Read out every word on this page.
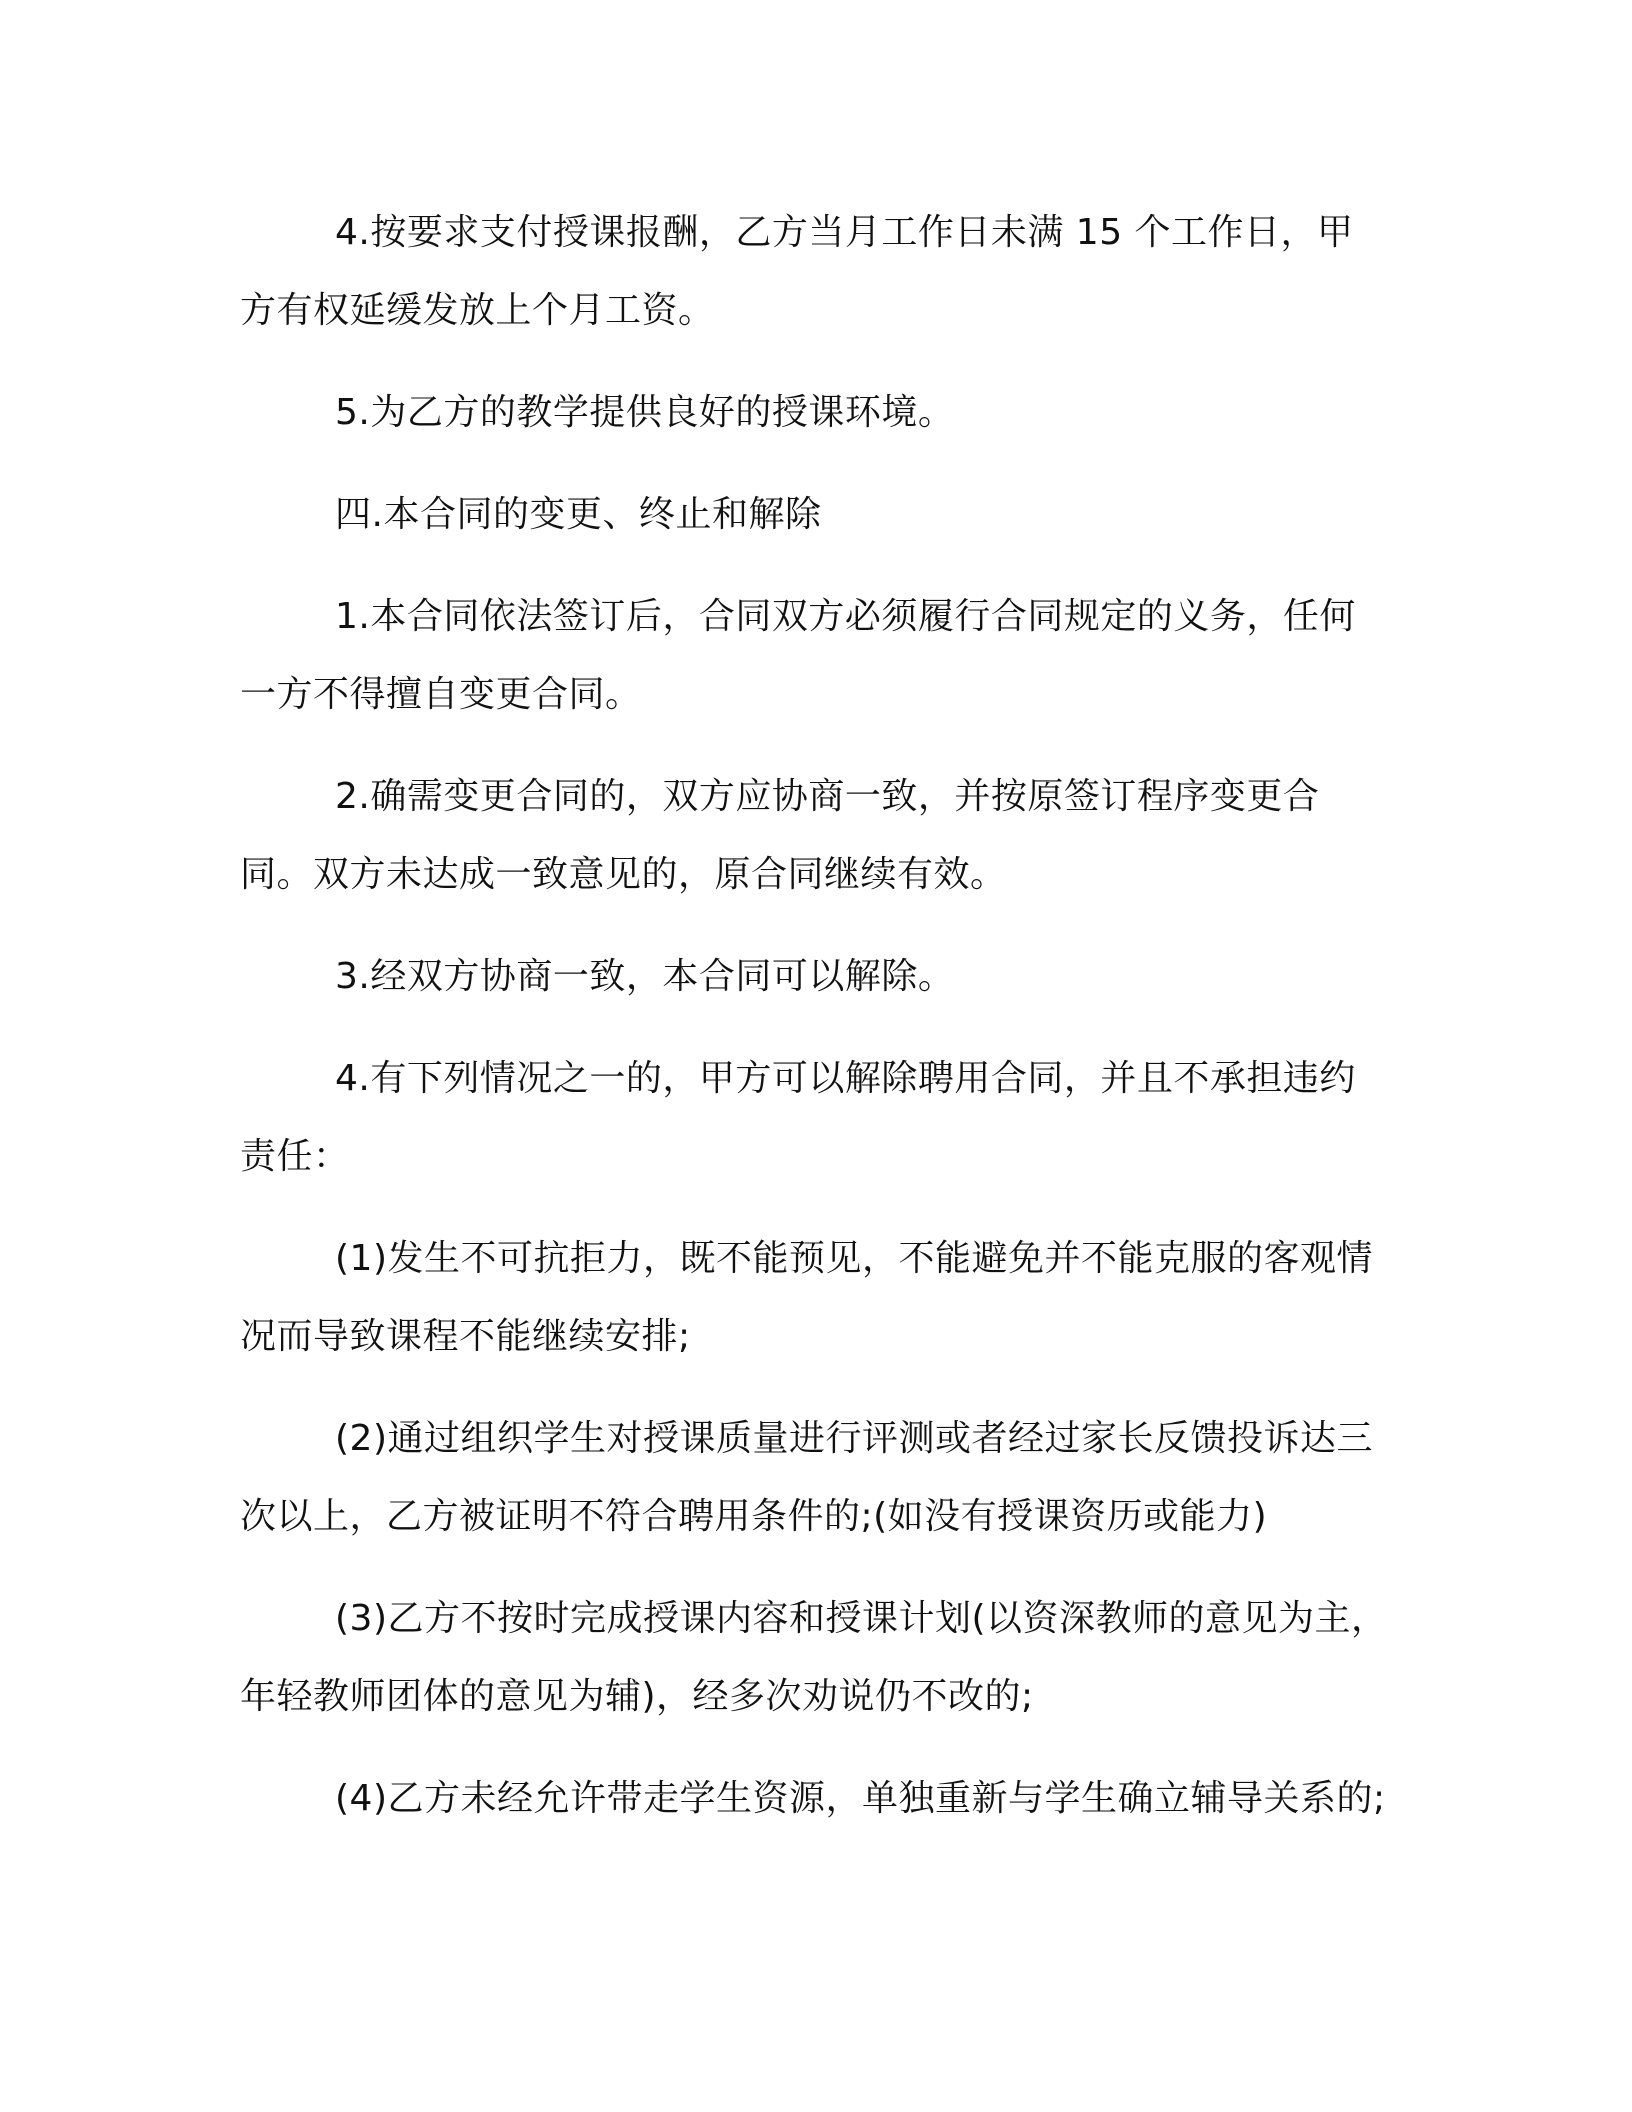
4.按要求支付授课报酬，乙方当月工作日未满 15 个工作日，甲方有权延缓发放上个月工资。

5.为乙方的教学提供良好的授课环境。

四.本合同的变更、终止和解除

1.本合同依法签订后，合同双方必须履行合同规定的义务，任何一方不得擅自变更合同。

2.确需变更合同的，双方应协商一致，并按原签订程序变更合同。双方未达成一致意见的，原合同继续有效。

3.经双方协商一致，本合同可以解除。

4.有下列情况之一的，甲方可以解除聘用合同，并且不承担违约责任：

(1)发生不可抗拒力，既不能预见，不能避免并不能克服的客观情况而导致课程不能继续安排;

(2)通过组织学生对授课质量进行评测或者经过家长反馈投诉达三次以上，乙方被证明不符合聘用条件的;(如没有授课资历或能力)

(3)乙方不按时完成授课内容和授课计划(以资深教师的意见为主，年轻教师团体的意见为辅)，经多次劝说仍不改的;

(4)乙方未经允许带走学生资源，单独重新与学生确立辅导关系的;
